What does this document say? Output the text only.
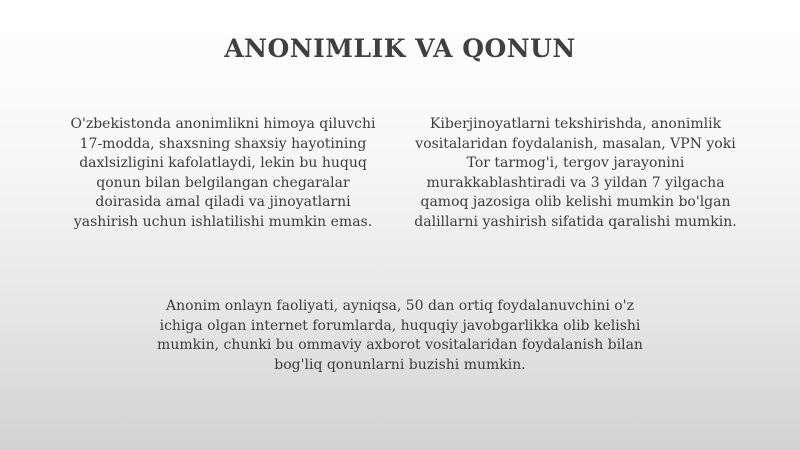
ANONIMLIK VA QONUN
O'zbekistonda anonimlikni himoya qiluvchi
17-modda, shaxsning shaxsiy hayotining
daxlsizligini kafolatlaydi, lekin bu huquq
qonun bilan belgilangan chegaralar
doirasida amal qiladi va jinoyatlarni
yashirish uchun ishlatilishi mumkin emas.
Kiberjinoyatlarni tekshirishda, anonimlik
vositalaridan foydalanish, masalan, VPN yoki
Tor tarmog'i, tergov jarayonini
murakkablashtiradi va 3 yildan 7 yilgacha
qamoq jazosiga olib kelishi mumkin bo'lgan
dalillarni yashirish sifatida qaralishi mumkin.
Anonim onlayn faoliyati, ayniqsa, 50 dan ortiq foydalanuvchini o'z
ichiga olgan internet forumlarda, huquqiy javobgarlikka olib kelishi
mumkin, chunki bu ommaviy axborot vositalaridan foydalanish bilan
bog'liq qonunlarni buzishi mumkin.
